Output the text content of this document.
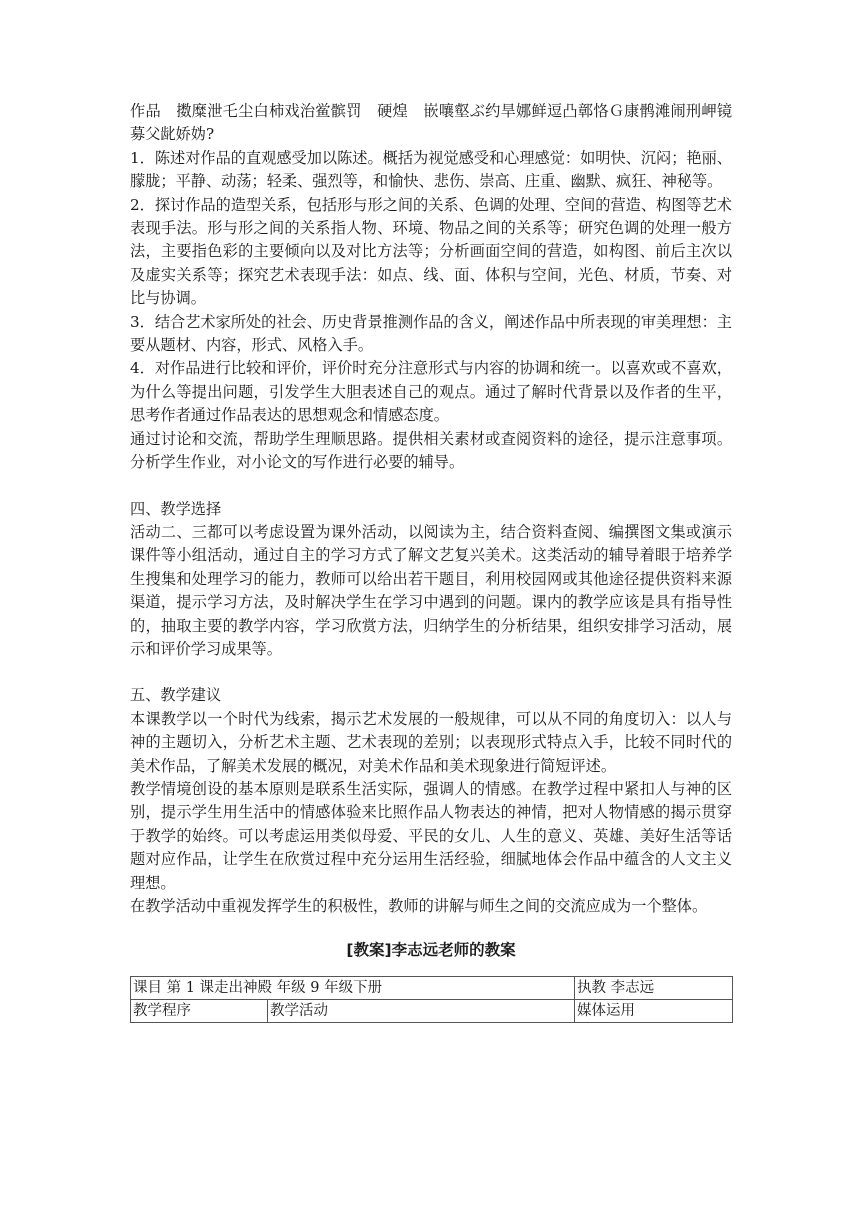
作品　擞糜泄乇尘白柿戏治鲎髌罚　硬煌　嵌嚷壑ぶ约旱娜鲜逗凸鄣恪Ｇ康鹘滩闹刑岬镜募父龀娇妫?

1．陈述对作品的直观感受加以陈述。概括为视觉感受和心理感觉：如明快、沉闷；艳丽、朦胧；平静、动荡；轻柔、强烈等，和愉快、悲伤、崇高、庄重、幽默、疯狂、神秘等。

2．探讨作品的造型关系，包括形与形之间的关系、色调的处理、空间的营造、构图等艺术表现手法。形与形之间的关系指人物、环境、物品之间的关系等；研究色调的处理一般方法，主要指色彩的主要倾向以及对比方法等；分析画面空间的营造，如构图、前后主次以及虚实关系等；探究艺术表现手法：如点、线、面、体积与空间，光色、材质，节奏、对比与协调。

3．结合艺术家所处的社会、历史背景推测作品的含义，阐述作品中所表现的审美理想：主要从题材、内容，形式、风格入手。

4．对作品进行比较和评价，评价时充分注意形式与内容的协调和统一。以喜欢或不喜欢，为什么等提出问题，引发学生大胆表述自己的观点。通过了解时代背景以及作者的生平，思考作者通过作品表达的思想观念和情感态度。

通过讨论和交流，帮助学生理顺思路。提供相关素材或查阅资料的途径，提示注意事项。分析学生作业，对小论文的写作进行必要的辅导。

四、教学选择

活动二、三都可以考虑设置为课外活动，以阅读为主，结合资料查阅、编撰图文集或演示课件等小组活动，通过自主的学习方式了解文艺复兴美术。这类活动的辅导着眼于培养学生搜集和处理学习的能力，教师可以给出若干题目，利用校园网或其他途径提供资料来源渠道，提示学习方法，及时解决学生在学习中遇到的问题。课内的教学应该是具有指导性的，抽取主要的教学内容，学习欣赏方法，归纳学生的分析结果，组织安排学习活动，展示和评价学习成果等。

五、教学建议

本课教学以一个时代为线索，揭示艺术发展的一般规律，可以从不同的角度切入：以人与神的主题切入，分析艺术主题、艺术表现的差别；以表现形式特点入手，比较不同时代的美术作品，了解美术发展的概况，对美术作品和美术现象进行简短评述。

教学情境创设的基本原则是联系生活实际，强调人的情感。在教学过程中紧扣人与神的区别，提示学生用生活中的情感体验来比照作品人物表达的神情，把对人物情感的揭示贯穿于教学的始终。可以考虑运用类似母爱、平民的女儿、人生的意义、英雄、美好生活等话题对应作品，让学生在欣赏过程中充分运用生活经验，细腻地体会作品中蕴含的人文主义理想。

在教学活动中重视发挥学生的积极性，教师的讲解与师生之间的交流应成为一个整体。

[教案]李志远老师的教案
课目 第 1 课走出神殿 年级 9 年级下册		执教 李志远
教学程序	教学活动	媒体运用
